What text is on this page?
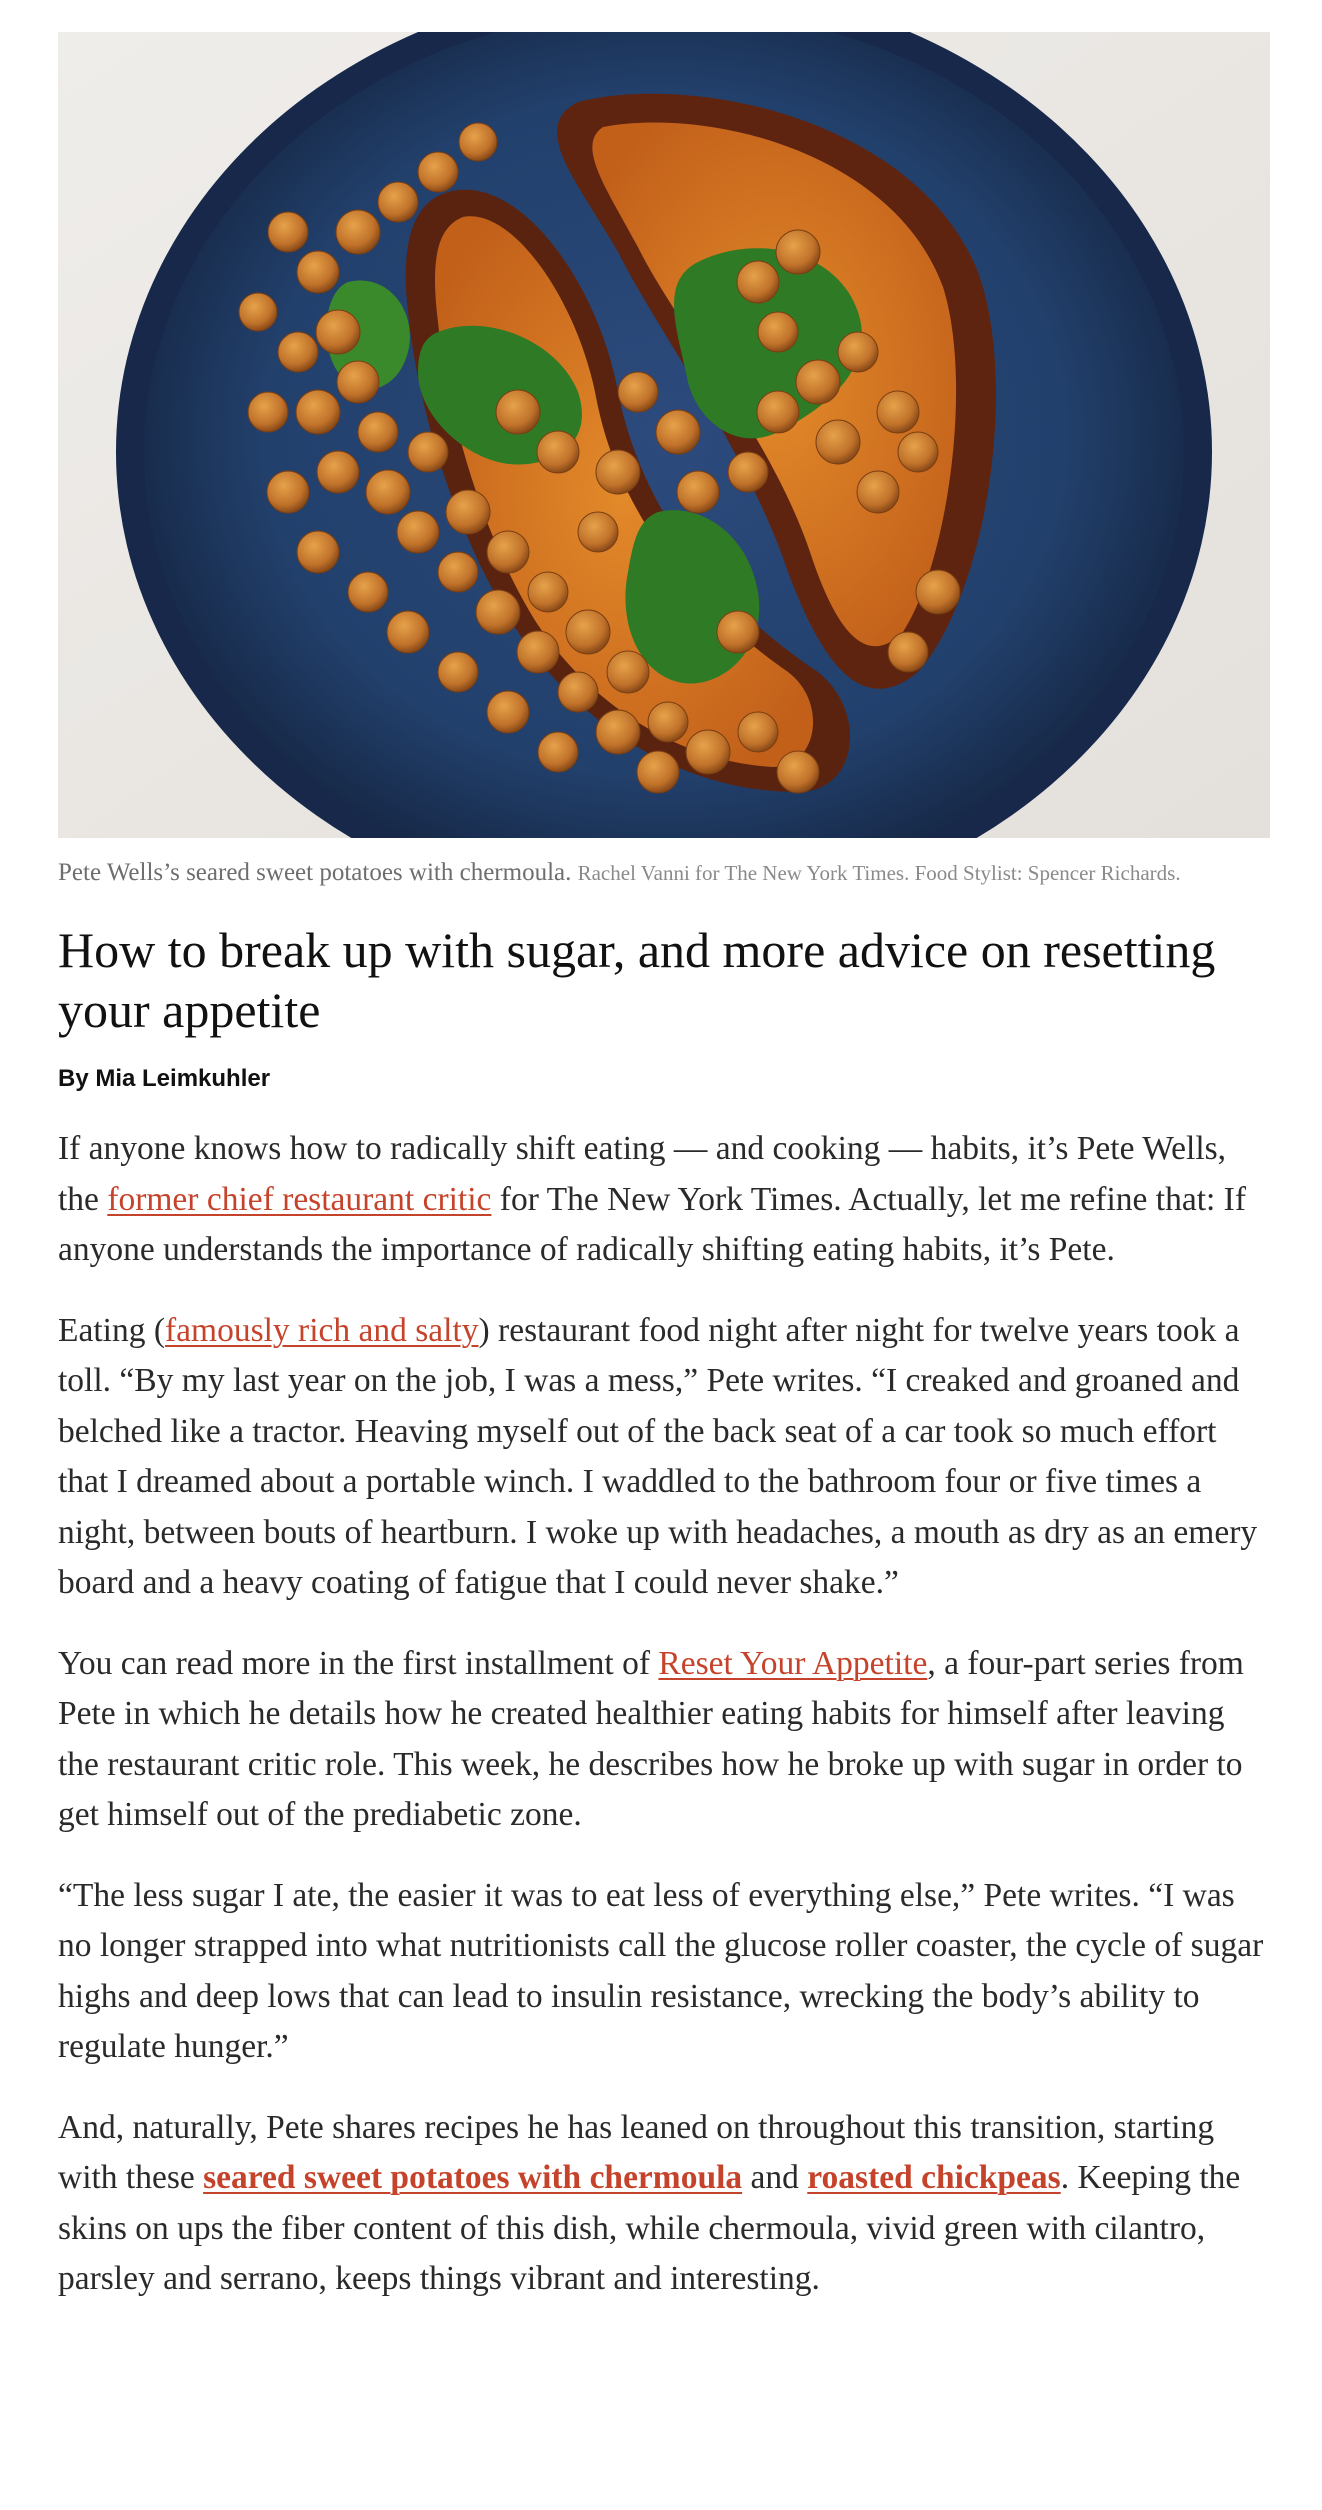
Pete Wells’s seared sweet potatoes with chermoula. Rachel Vanni for The New York Times. Food Stylist: Spencer Richards.
How to break up with sugar, and more advice on resetting your appetite
By Mia Leimkuhler

If anyone knows how to radically shift eating — and cooking — habits, it’s Pete Wells, the former chief restaurant critic for The New York Times. Actually, let me refine that: If anyone understands the importance of radically shifting eating habits, it’s Pete.

Eating (famously rich and salty) restaurant food night after night for twelve years took a toll. “By my last year on the job, I was a mess,” Pete writes. “I creaked and groaned and belched like a tractor. Heaving myself out of the back seat of a car took so much effort that I dreamed about a portable winch. I waddled to the bathroom four or five times a night, between bouts of heartburn. I woke up with headaches, a mouth as dry as an emery board and a heavy coating of fatigue that I could never shake.”

You can read more in the first installment of Reset Your Appetite, a four-part series from Pete in which he details how he created healthier eating habits for himself after leaving the restaurant critic role. This week, he describes how he broke up with sugar in order to get himself out of the prediabetic zone.

“The less sugar I ate, the easier it was to eat less of everything else,” Pete writes. “I was no longer strapped into what nutritionists call the glucose roller coaster, the cycle of sugar highs and deep lows that can lead to insulin resistance, wrecking the body’s ability to regulate hunger.”

And, naturally, Pete shares recipes he has leaned on throughout this transition, starting with these seared sweet potatoes with chermoula and roasted chickpeas. Keeping the skins on ups the fiber content of this dish, while chermoula, vivid green with cilantro, parsley and serrano, keeps things vibrant and interesting.
